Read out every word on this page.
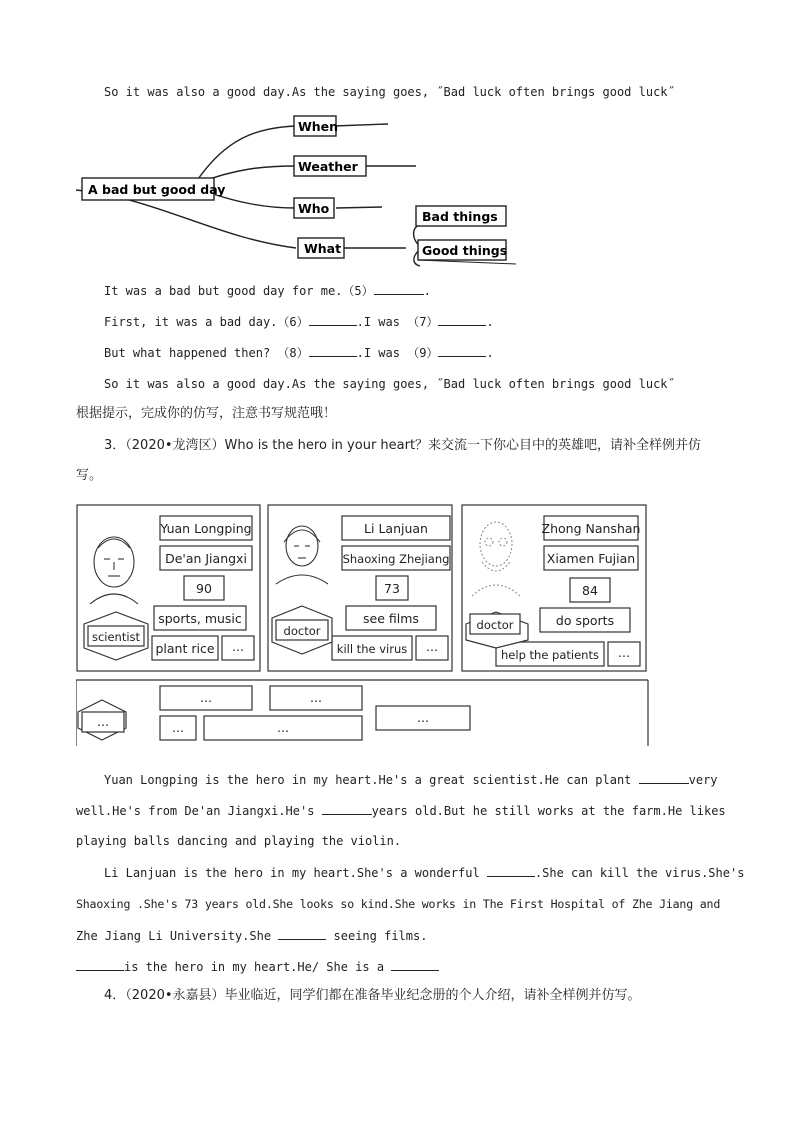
So it was also a good day.As the saying goes, ˝Bad luck often brings good luck˝
A bad but good day
When
Weather
Who
What
Bad things
Good things
It was a bad but good day for me.（5）	.
First, it was a bad day.（6）	.I was （7）	.
But what happened then? （8）	.I was （9）	.
So it was also a good day.As the saying goes, ˝Bad luck often brings good luck˝
根据提示，完成你的仿写，注意书写规范哦！
3．（2020•龙湾区）Who is the hero in your heart？来交流一下你心目中的英雄吧，请补全样例并仿
写。
Yuan Longping
De'an Jiangxi
90
sports, music
scientist
plant rice ...
Li Lanjuan
Shaoxing Zhejiang
73
see films
doctor
kill the virus ...
Zhong Nanshan
Xiamen Fujian
84
do sports
doctor
help the patients ...
...	...
...	...
...
...
Yuan Longping is the hero in my heart.He's a great scientist.He can plant	very
well.He's from De'an Jiangxi.He's	years old.But he still works at the farm.He likes
playing balls dancing and playing the violin.
Li Lanjuan is the hero in my heart.She's a wonderful	.She can kill the virus.She's
Shaoxing .She's 73 years old.She looks so kind.She works in The First Hospital of Zhe Jiang and
Zhe Jiang Li University.She	seeing films.
is the hero in my heart.He/ She is a
4．（2020•永嘉县）毕业临近，同学们都在准备毕业纪念册的个人介绍，请补全样例并仿写。
